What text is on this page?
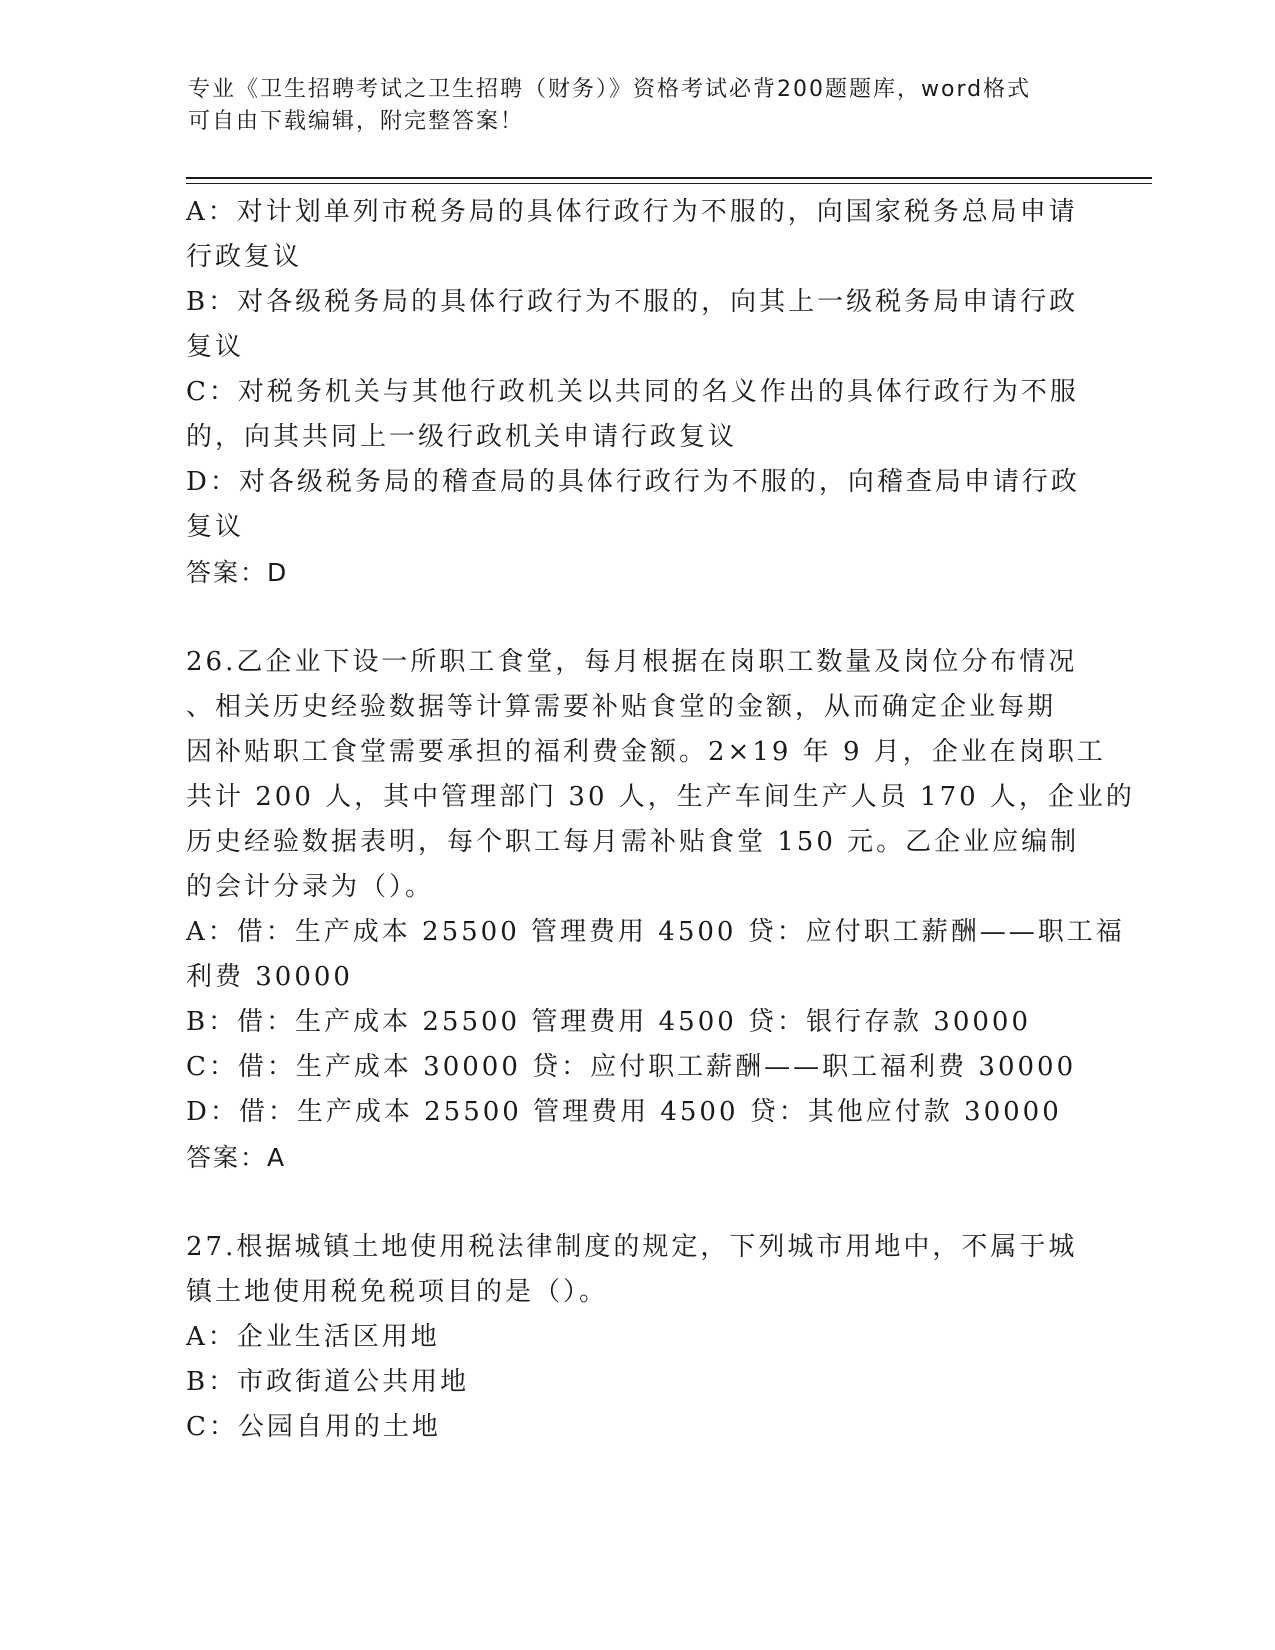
专业《卫生招聘考试之卫生招聘（财务）》资格考试必背200题题库，word格式
可自由下载编辑，附完整答案！
A：对计划单列市税务局的具体行政行为不服的，向国家税务总局申请
行政复议
B：对各级税务局的具体行政行为不服的，向其上一级税务局申请行政
复议
C：对税务机关与其他行政机关以共同的名义作出的具体行政行为不服
的，向其共同上一级行政机关申请行政复议
D：对各级税务局的稽查局的具体行政行为不服的，向稽查局申请行政
复议
答案：D
26.乙企业下设一所职工食堂，每月根据在岗职工数量及岗位分布情况
、相关历史经验数据等计算需要补贴食堂的金额，从而确定企业每期
因补贴职工食堂需要承担的福利费金额。2×19 年 9 月，企业在岗职工
共计 200 人，其中管理部门 30 人，生产车间生产人员 170 人，企业的
历史经验数据表明，每个职工每月需补贴食堂 150 元。乙企业应编制
的会计分录为（）。
A：借：生产成本 25500 管理费用 4500 贷：应付职工薪酬——职工福
利费 30000
B：借：生产成本 25500 管理费用 4500 贷：银行存款 30000
C：借：生产成本 30000 贷：应付职工薪酬——职工福利费 30000
D：借：生产成本 25500 管理费用 4500 贷：其他应付款 30000
答案：A
27.根据城镇土地使用税法律制度的规定，下列城市用地中，不属于城
镇土地使用税免税项目的是（）。
A：企业生活区用地
B：市政街道公共用地
C：公园自用的土地
